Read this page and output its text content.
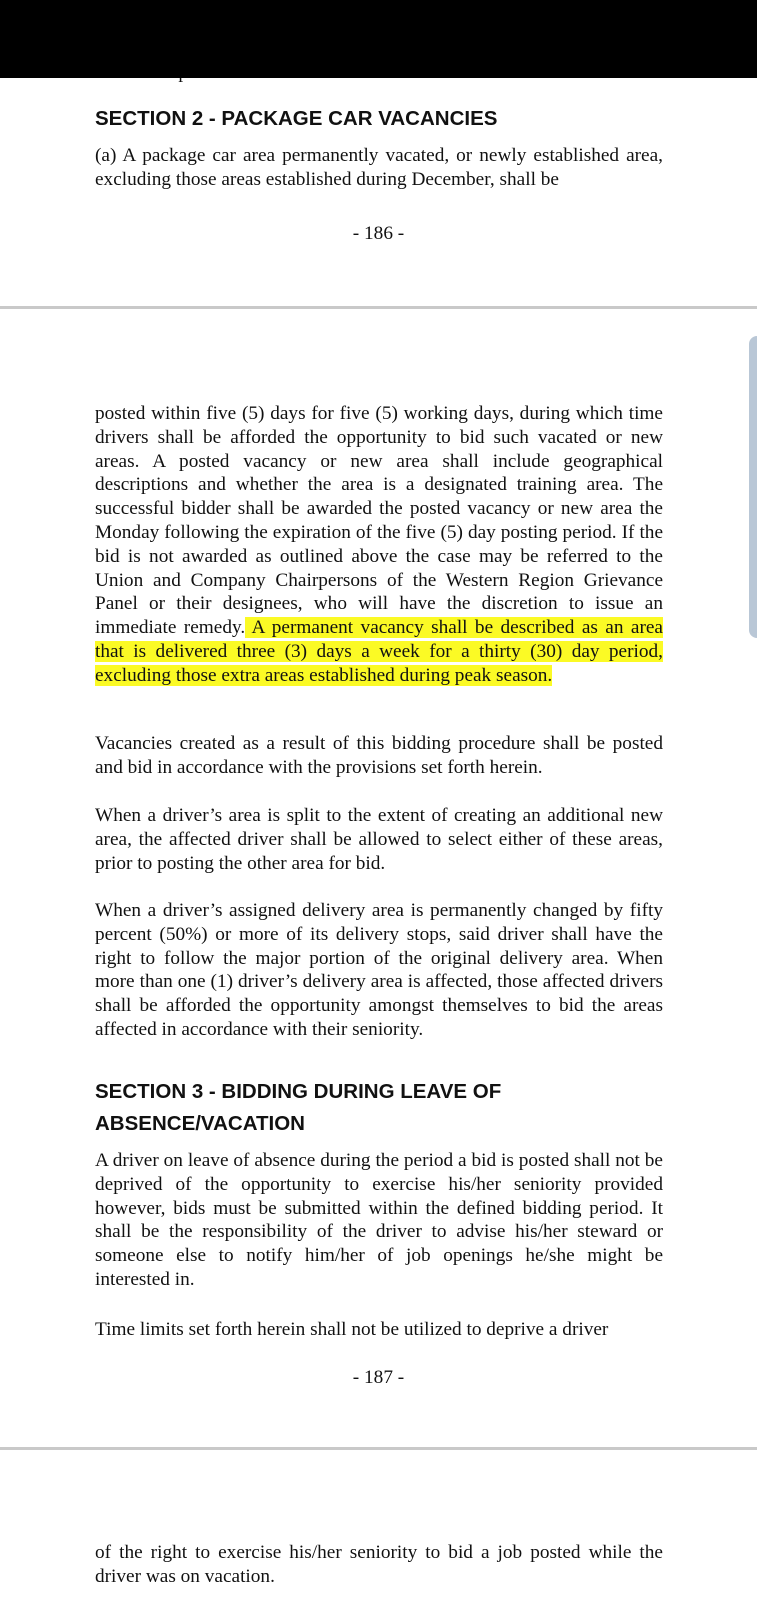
SECTION 2 - PACKAGE CAR VACANCIES

(a) A package car area permanently vacated, or newly established area, excluding those areas established during December, shall be

- 186 -

posted within five (5) days for five (5) working days, during which time drivers shall be afforded the opportunity to bid such vacated or new areas. A posted vacancy or new area shall include geographical descriptions and whether the area is a designated training area. The successful bidder shall be awarded the posted vacancy or new area the Monday following the expiration of the five (5) day posting period. If the bid is not awarded as outlined above the case may be referred to the Union and Company Chairpersons of the Western Region Grievance Panel or their designees, who will have the discretion to issue an immediate remedy. A permanent vacancy shall be described as an area that is delivered three (3) days a week for a thirty (30) day period, excluding those extra areas established during peak season.

Vacancies created as a result of this bidding procedure shall be posted and bid in accordance with the provisions set forth herein.

When a driver’s area is split to the extent of creating an additional new area, the affected driver shall be allowed to select either of these areas, prior to posting the other area for bid.

When a driver’s assigned delivery area is permanently changed by fifty percent (50%) or more of its delivery stops, said driver shall have the right to follow the major portion of the original delivery area. When more than one (1) driver’s delivery area is affected, those affected drivers shall be afforded the opportunity amongst themselves to bid the areas affected in accordance with their seniority.

SECTION 3 - BIDDING DURING LEAVE OF
ABSENCE/VACATION

A driver on leave of absence during the period a bid is posted shall not be deprived of the opportunity to exercise his/her seniority provided however, bids must be submitted within the defined bidding period. It shall be the responsibility of the driver to advise his/her steward or someone else to notify him/her of job openings he/she might be interested in.

Time limits set forth herein shall not be utilized to deprive a driver

- 187 -

of the right to exercise his/her seniority to bid a job posted while the driver was on vacation.
